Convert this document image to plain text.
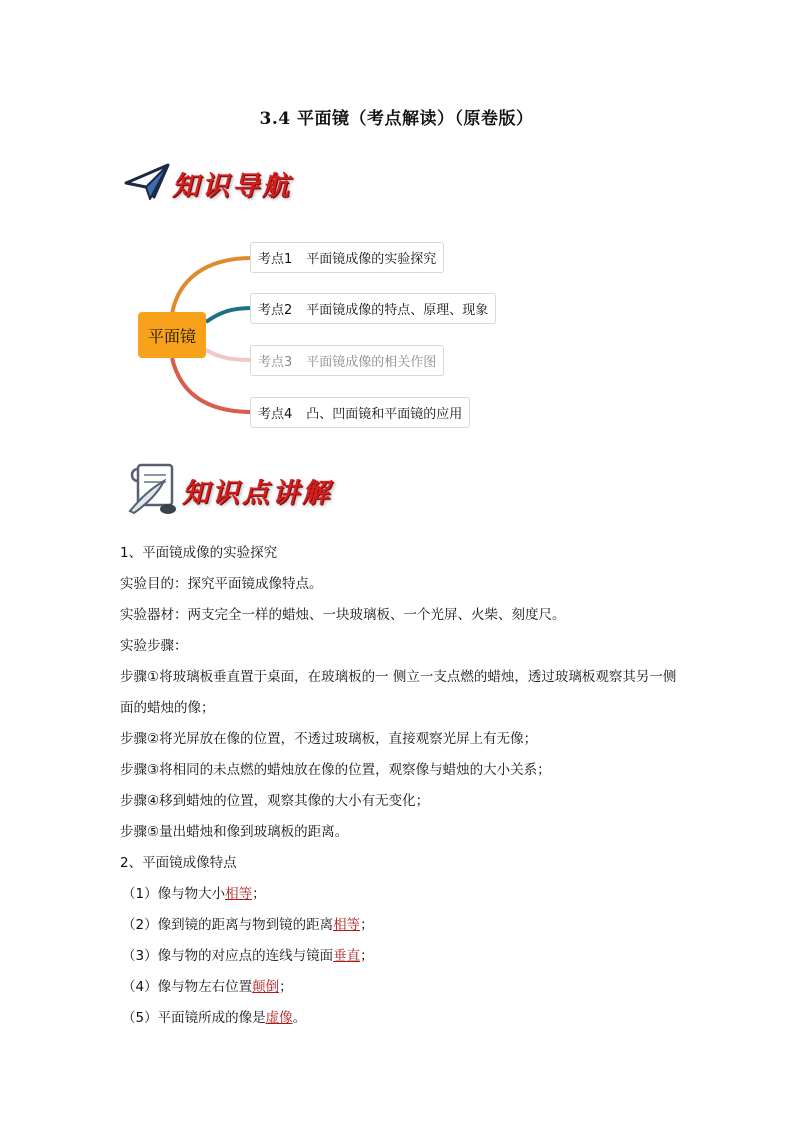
3.4 平面镜（考点解读）（原卷版）
知识导航
平面镜
考点1 平面镜成像的实验探究
考点2 平面镜成像的特点、原理、现象
考点3 平面镜成像的相关作图
考点4 凸、凹面镜和平面镜的应用
知识点讲解
1、平面镜成像的实验探究
实验目的：探究平面镜成像特点。
实验器材：两支完全一样的蜡烛、一块玻璃板、一个光屏、火柴、刻度尺。
实验步骤：
步骤①将玻璃板垂直置于桌面，在玻璃板的一 侧立一支点燃的蜡烛，透过玻璃板观察其另一侧面的蜡烛的像；
步骤②将光屏放在像的位置，不透过玻璃板，直接观察光屏上有无像；
步骤③将相同的未点燃的蜡烛放在像的位置，观察像与蜡烛的大小关系；
步骤④移到蜡烛的位置，观察其像的大小有无变化；
步骤⑤量出蜡烛和像到玻璃板的距离。
2、平面镜成像特点
（1）像与物大小相等；
（2）像到镜的距离与物到镜的距离相等；
（3）像与物的对应点的连线与镜面垂直；
（4）像与物左右位置颠倒；
（5）平面镜所成的像是虚像。
